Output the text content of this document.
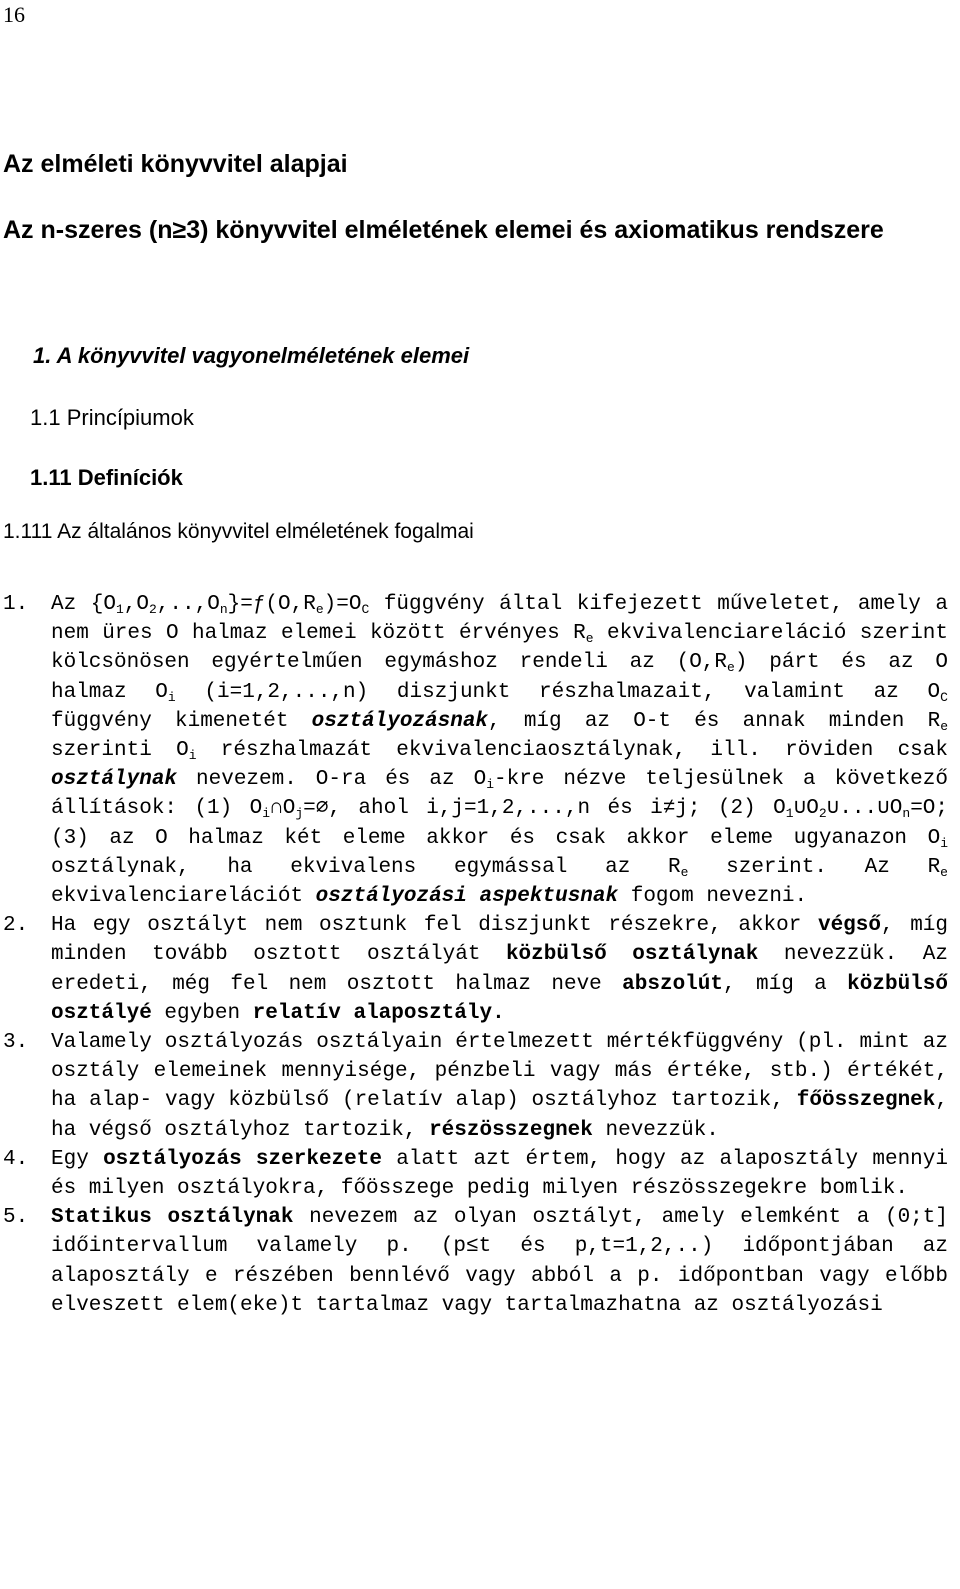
16
Az elméleti könyvvitel alapjai
Az n-szeres (n≥3) könyvvitel elméletének elemei és axiomatikus rendszere
1. A könyvvitel vagyonelméletének elemei
1.1 Princípiumok
1.11 Definíciók
1.111 Az általános könyvvitel elméletének fogalmai
1. Az $\{O_1,O_2,..,O_n\}=ƒ(O,R_e)=O_C$ függvény által kifejezett műveletet, amely a nem üres O halmaz elemei között érvényes $R_e$ ekvivalenciareláció szerint kölcsönösen egyértelműen egymáshoz rendeli az $(O,R_e)$ párt és az O halmaz $O_i$ (i=1,2,...,n) diszjunkt részhalmazait, valamint az $O_C$ függvény kimenetét osztályozásnak, míg az O-t és annak minden $R_e$ szerinti $O_i$ részhalmazát ekvivalenciaosztálynak, ill. röviden csak osztálynak nevezem. O-ra és az $O_i$-kre nézve teljesülnek a következő állítások: (1) $O_i\cap O_j=\emptyset$, ahol i,j=1,2,...,n és i≠j; (2) $O_1\cup O_2\cup...\cup O_n=O$; (3) az O halmaz két eleme akkor és csak akkor eleme ugyanazon $O_i$ osztálynak, ha ekvivalens egymással az $R_e$ szerint. Az $R_e$ ekvivalenciarelációt osztályozási aspektusnak fogom nevezni.
2. Ha egy osztályt nem osztunk fel diszjunkt részekre, akkor végső, míg minden tovább osztott osztályát közbülső osztálynak nevezzük. Az eredeti, még fel nem osztott halmaz neve abszolút, míg a közbülső osztályé egyben relatív alaposztály.
3. Valamely osztályozás osztályain értelmezett mértékfüggvény (pl. mint az osztály elemeinek mennyisége, pénzbeli vagy más értéke, stb.) értékét, ha alap- vagy közbülső (relatív alap) osztályhoz tartozik, főösszegnek, ha végső osztályhoz tartozik, részösszegnek nevezzük.
4. Egy osztályozás szerkezete alatt azt értem, hogy az alaposztály mennyi és milyen osztályokra, főösszege pedig milyen részösszegekre bomlik.
5. Statikus osztálynak nevezem az olyan osztályt, amely elemként a (0;t] időintervallum valamely p. (p≤t és p,t=1,2,..) időpontjában az alaposztály e részében bennlévő vagy abból a p. időpontban vagy előbb elveszett elem(eke)t tartalmaz vagy tartalmazhatna az osztályozási
